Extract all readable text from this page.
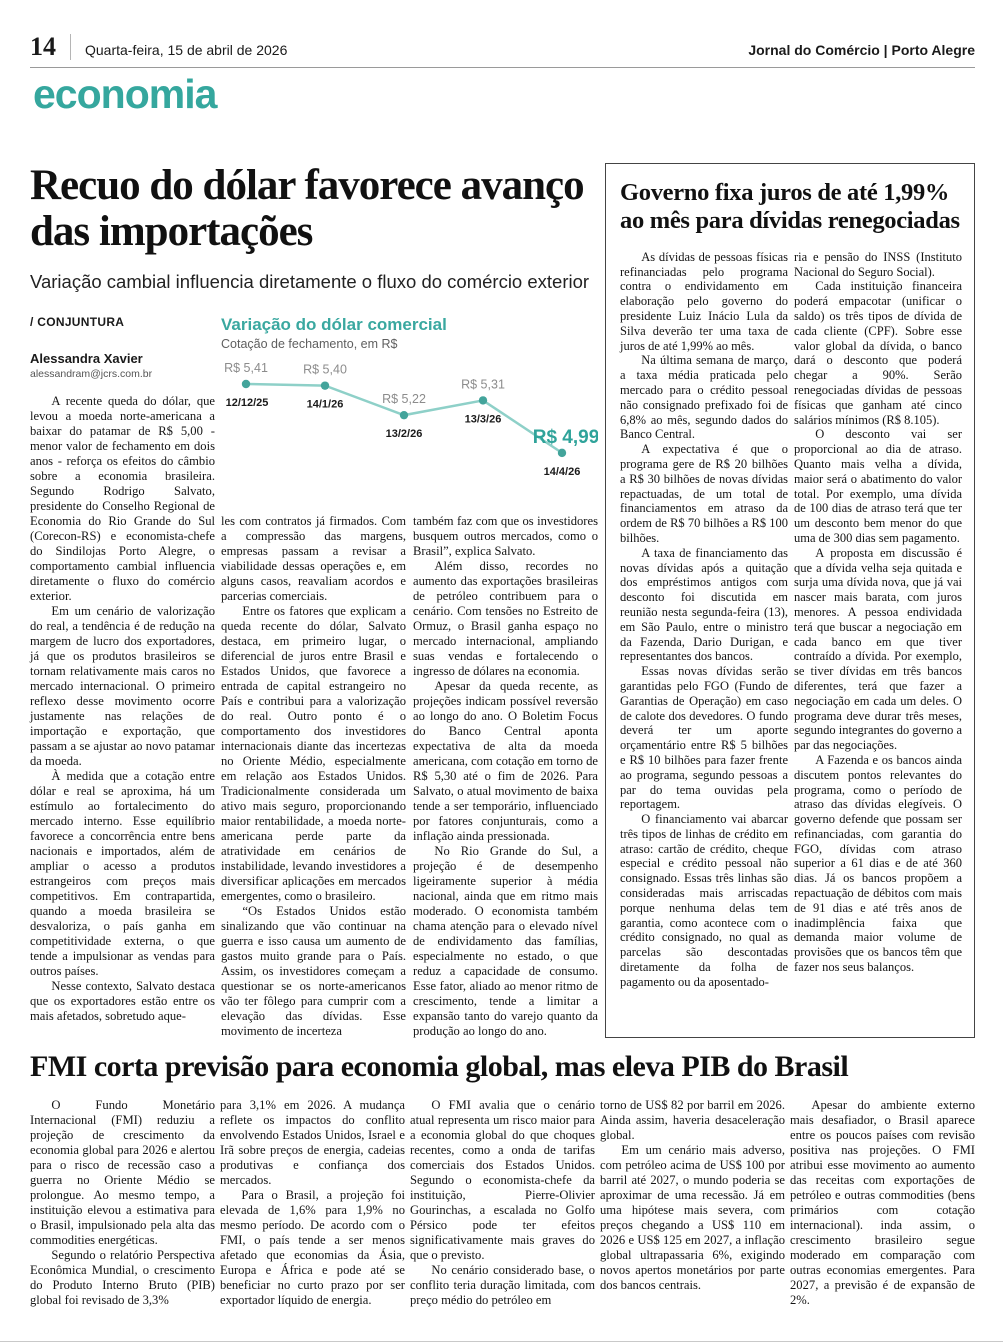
14 Quarta-feira, 15 de abril de 2026	Jornal do Comércio | Porto Alegre
economia
Recuo do dólar favorece avanço das importações
Variação cambial influencia diretamente o fluxo do comércio exterior
/ CONJUNTURA
Alessandra Xavier
alessandram@jcrs.com.br

A recente queda do dólar, que levou a moeda norte-americana a baixar do patamar de R$ 5,00 - menor valor de fechamento em dois anos - reforça os efeitos do câmbio sobre a economia brasileira. Segundo Rodrigo Salvato, presidente do Conselho Regional de Economia do Rio Grande do Sul (Corecon-RS) e economista-chefe do Sindilojas Porto Alegre, o comportamento cambial influencia diretamente o fluxo do comércio exterior.

Em um cenário de valorização do real, a tendência é de redução na margem de lucro dos exportadores, já que os produtos brasileiros se tornam relativamente mais caros no mercado internacional. O primeiro reflexo desse movimento ocorre justamente nas relações de importação e exportação, que passam a se ajustar ao novo patamar da moeda.

À medida que a cotação entre dólar e real se aproxima, há um estímulo ao fortalecimento do mercado interno. Esse equilíbrio favorece a concorrência entre bens nacionais e importados, além de ampliar o acesso a produtos estrangeiros com preços mais competitivos. Em contrapartida, quando a moeda brasileira se desvaloriza, o país ganha em competitividade externa, o que tende a impulsionar as vendas para outros países.

Nesse contexto, Salvato destaca que os exportadores estão entre os mais afetados, sobretudo aque-

Variação do dólar comercial
Cotação de fechamento, em R$
R$ 5,41
12/12/25
R$ 5,40
14/1/26	R$ 5,22
13/2/26
R$ 5,31
13/3/26
R$ 4,99
14/4/26

les com contratos já firmados. Com a compressão das margens, empresas passam a revisar a viabilidade dessas operações e, em alguns casos, reavaliam acordos e parcerias comerciais.

Entre os fatores que explicam a queda recente do dólar, Salvato destaca, em primeiro lugar, o diferencial de juros entre Brasil e Estados Unidos, que favorece a entrada de capital estrangeiro no País e contribui para a valorização do real. Outro ponto é o comportamento dos investidores internacionais diante das incertezas no Oriente Médio, especialmente em relação aos Estados Unidos. Tradicionalmente considerada um ativo mais seguro, proporcionando maior rentabilidade, a moeda norte-americana perde parte da atratividade em cenários de instabilidade, levando investidores a diversificar aplicações em mercados emergentes, como o brasileiro.

“Os Estados Unidos estão sinalizando que vão continuar na guerra e isso causa um aumento de gastos muito grande para o País. Assim, os investidores começam a questionar se os norte-americanos vão ter fôlego para cumprir com a elevação das dívidas. Esse movimento de incerteza

também faz com que os investidores busquem outros mercados, como o Brasil”, explica Salvato.

Além disso, recordes no aumento das exportações brasileiras de petróleo contribuem para o cenário. Com tensões no Estreito de Ormuz, o Brasil ganha espaço no mercado internacional, ampliando suas vendas e fortalecendo o ingresso de dólares na economia.

Apesar da queda recente, as projeções indicam possível reversão ao longo do ano. O Boletim Focus do Banco Central aponta expectativa de alta da moeda americana, com cotação em torno de R$ 5,30 até o fim de 2026. Para Salvato, o atual movimento de baixa tende a ser temporário, influenciado por fatores conjunturais, como a inflação ainda pressionada.

No Rio Grande do Sul, a projeção é de desempenho ligeiramente superior à média nacional, ainda que em ritmo mais moderado. O economista também chama atenção para o elevado nível de endividamento das famílias, especialmente no estado, o que reduz a capacidade de consumo. Esse fator, aliado ao menor ritmo de crescimento, tende a limitar a expansão tanto do varejo quanto da produção ao longo do ano.

Governo fixa juros de até 1,99% ao mês para dívidas renegociadas

As dívidas de pessoas físicas refinanciadas pelo programa contra o endividamento em elaboração pelo governo do presidente Luiz Inácio Lula da Silva deverão ter uma taxa de juros de até 1,99% ao mês.

Na última semana de março, a taxa média praticada pelo mercado para o crédito pessoal não consignado prefixado foi de 6,8% ao mês, segundo dados do Banco Central.

A expectativa é que o programa gere de R$ 20 bilhões a R$ 30 bilhões de novas dívidas repactuadas, de um total de financiamentos em atraso da ordem de R$ 70 bilhões a R$ 100 bilhões.

A taxa de financiamento das novas dívidas após a quitação dos empréstimos antigos com desconto foi discutida em reunião nesta segunda-feira (13), em São Paulo, entre o ministro da Fazenda, Dario Durigan, e representantes dos bancos.

Essas novas dívidas serão garantidas pelo FGO (Fundo de Garantias de Operação) em caso de calote dos devedores. O fundo deverá ter um aporte orçamentário entre R$ 5 bilhões e R$ 10 bilhões para fazer frente ao programa, segundo pessoas a par do tema ouvidas pela reportagem.

O financiamento vai abarcar três tipos de linhas de crédito em atraso: cartão de crédito, cheque especial e crédito pessoal não consignado. Essas três linhas são consideradas mais arriscadas porque nenhuma delas tem garantia, como acontece com o crédito consignado, no qual as parcelas são descontadas diretamente da folha de pagamento ou da aposentado-

ria e pensão do INSS (Instituto Nacional do Seguro Social).

Cada instituição financeira poderá empacotar (unificar o saldo) os três tipos de dívida de cada cliente (CPF). Sobre esse valor global da dívida, o banco dará o desconto que poderá chegar a 90%. Serão renegociadas dívidas de pessoas físicas que ganham até cinco salários mínimos (R$ 8.105).

O desconto vai ser proporcional ao dia de atraso. Quanto mais velha a dívida, maior será o abatimento do valor total. Por exemplo, uma dívida de 100 dias de atraso terá que ter um desconto bem menor do que uma de 300 dias sem pagamento.

A proposta em discussão é que a dívida velha seja quitada e surja uma dívida nova, que já vai nascer mais barata, com juros menores. A pessoa endividada terá que buscar a negociação em cada banco em que tiver contraído a dívida. Por exemplo, se tiver dívidas em três bancos diferentes, terá que fazer a negociação em cada um deles. O programa deve durar três meses, segundo integrantes do governo a par das negociações.

A Fazenda e os bancos ainda discutem pontos relevantes do programa, como o período de atraso das dívidas elegíveis. O governo defende que possam ser refinanciadas, com garantia do FGO, dívidas com atraso superior a 61 dias e de até 360 dias. Já os bancos propõem a repactuação de débitos com mais de 91 dias e até três anos de inadimplência faixa que demanda maior volume de provisões que os bancos têm que fazer nos seus balanços.

FMI corta previsão para economia global, mas eleva PIB do Brasil

O Fundo Monetário Internacional (FMI) reduziu a projeção de crescimento da economia global para 2026 e alertou para o risco de recessão caso a guerra no Oriente Médio se prolongue. Ao mesmo tempo, a instituição elevou a estimativa para o Brasil, impulsionado pela alta das commodities energéticas.

Segundo o relatório Perspectiva Econômica Mundial, o crescimento do Produto Interno Bruto (PIB) global foi revisado de 3,3%

para 3,1% em 2026. A mudança reflete os impactos do conflito envolvendo Estados Unidos, Israel e Irã sobre preços de energia, cadeias produtivas e confiança dos mercados.

Para o Brasil, a projeção foi elevada de 1,6% para 1,9% no mesmo período. De acordo com o FMI, o país tende a ser menos afetado que economias da Ásia, Europa e África e pode até se beneficiar no curto prazo por ser exportador líquido de energia.

O FMI avalia que o cenário atual representa um risco maior para a economia global do que choques recentes, como a onda de tarifas comerciais dos Estados Unidos. Segundo o economista-chefe da instituição, Pierre-Olivier Gourinchas, a escalada no Golfo Pérsico pode ter efeitos significativamente mais graves do que o previsto.

No cenário considerado base, o conflito teria duração limitada, com preço médio do petróleo em

torno de US$ 82 por barril em 2026. Ainda assim, haveria desaceleração global.

Em um cenário mais adverso, com petróleo acima de US$ 100 por barril até 2027, o mundo poderia se aproximar de uma recessão. Já em uma hipótese mais severa, com preços chegando a US$ 110 em 2026 e US$ 125 em 2027, a inflação global ultrapassaria 6%, exigindo novos apertos monetários por parte dos bancos centrais.

Apesar do ambiente externo mais desafiador, o Brasil aparece entre os poucos países com revisão positiva nas projeções. O FMI atribui esse movimento ao aumento das receitas com exportações de petróleo e outras commodities (bens primários com cotação internacional). inda assim, o crescimento brasileiro segue moderado em comparação com outras economias emergentes. Para 2027, a previsão é de expansão de 2%.
